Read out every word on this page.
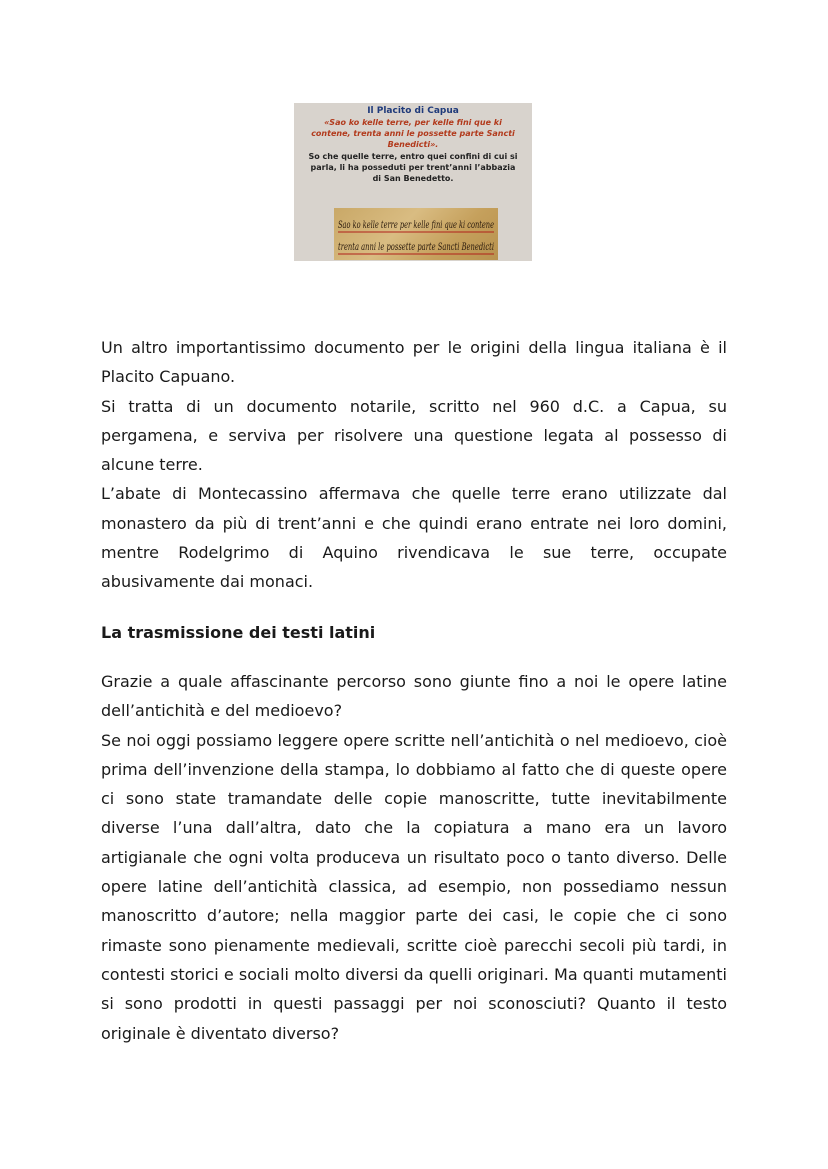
Il Placito di Capua
«Sao ko kelle terre, per kelle fini que ki contene, trenta anni le possette parte Sancti Benedicti».
So che quelle terre, entro quei confini di cui si parla, li ha posseduti per trent’anni l’abbazia di San Benedetto.
Sao ko kelle terre per kelle fini que ki contene
trenta anni le possette parte Sancti Benedicti

Un altro importantissimo documento per le origini della lingua italiana è il Placito Capuano.

Si tratta di un documento notarile, scritto nel 960 d.C. a Capua, su pergamena, e serviva per risolvere una questione legata al possesso di alcune terre.

L’abate di Montecassino affermava che quelle terre erano utilizzate dal monastero da più di trent’anni e che quindi erano entrate nei loro domini, mentre Rodelgrimo di Aquino rivendicava le sue terre, occupate abusivamente dai monaci.

La trasmissione dei testi latini

Grazie a quale affascinante percorso sono giunte fino a noi le opere latine dell’antichità e del medioevo?

Se noi oggi possiamo leggere opere scritte nell’antichità o nel medioevo, cioè prima dell’invenzione della stampa, lo dobbiamo al fatto che di queste opere ci sono state tramandate delle copie manoscritte, tutte inevitabilmente diverse l’una dall’altra, dato che la copiatura a mano era un lavoro artigianale che ogni volta produceva un risultato poco o tanto diverso. Delle opere latine dell’antichità classica, ad esempio, non possediamo nessun manoscritto d’autore; nella maggior parte dei casi, le copie che ci sono rimaste sono pienamente medievali, scritte cioè parecchi secoli più tardi, in contesti storici e sociali molto diversi da quelli originari. Ma quanti mutamenti si sono prodotti in questi passaggi per noi sconosciuti? Quanto il testo originale è diventato diverso?
